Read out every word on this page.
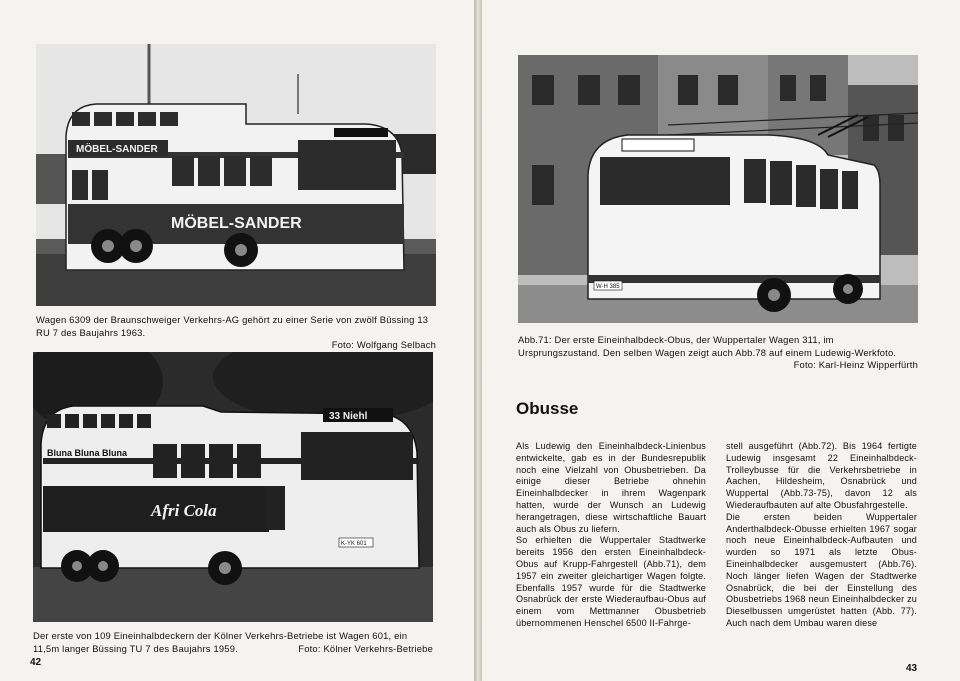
MÖBEL-SANDER
MÖBEL-SANDER
Wagen 6309 der Braunschweiger Verkehrs-AG gehört zu einer Serie von zwölf Büssing 13 RU 7 des Baujahrs 1963.
Foto: Wolfgang Selbach
33 Niehl
Bluna Bluna Bluna
Afri Cola
K-YK 601
Der erste von 109 Eineinhalbdeckern der Kölner Verkehrs-Betriebe ist Wagen 601, ein 11,5m langer Büssing TU 7 des Baujahrs 1959.	Foto: Kölner Verkehrs-Betriebe
42
W-H 385
Abb.71: Der erste Eineinhalbdeck-Obus, der Wuppertaler Wagen 311, im Ursprungszustand. Den selben Wagen zeigt auch Abb.78 auf einem Ludewig-Werkfoto.
Foto: Karl-Heinz Wipperfürth
Obusse

Als Ludewig den Eineinhalbdeck-Linienbus entwickelte, gab es in der Bundesrepublik noch eine Vielzahl von Obusbetrieben. Da einige dieser Betriebe ohnehin Eineinhalbdecker in ihrem Wagenpark hatten, wurde der Wunsch an Ludewig herangetragen, diese wirtschaftliche Bauart auch als Obus zu liefern.

So erhielten die Wuppertaler Stadtwerke bereits 1956 den ersten Eineinhalbdeck-Obus auf Krupp-Fahrgestell (Abb.71), dem 1957 ein zweiter gleichartiger Wagen folgte. Ebenfalls 1957 wurde für die Stadtwerke Osnabrück der erste Wiederaufbau-Obus auf einem vom Mettmanner Obusbetrieb übernommenen Henschel 6500 II-Fahrge-

stell ausgeführt (Abb.72). Bis 1964 fertigte Ludewig insgesamt 22 Eineinhalbdeck-Trolleybusse für die Verkehrsbetriebe in Aachen, Hildesheim, Osnabrück und Wuppertal (Abb.73-75), davon 12 als Wiederaufbauten auf alte Obusfahrgestelle.

Die ersten beiden Wuppertaler Anderthalbdeck-Obusse erhielten 1967 sogar noch neue Eineinhalbdeck-Aufbauten und wurden so 1971 als letzte Obus-Eineinhalbdecker ausgemustert (Abb.76). Noch länger liefen Wagen der Stadtwerke Osnabrück, die bei der Einstellung des Obusbetriebs 1968 neun Eineinhalbdecker zu Dieselbussen umgerüstet hatten (Abb. 77). Auch nach dem Umbau waren diese

43
